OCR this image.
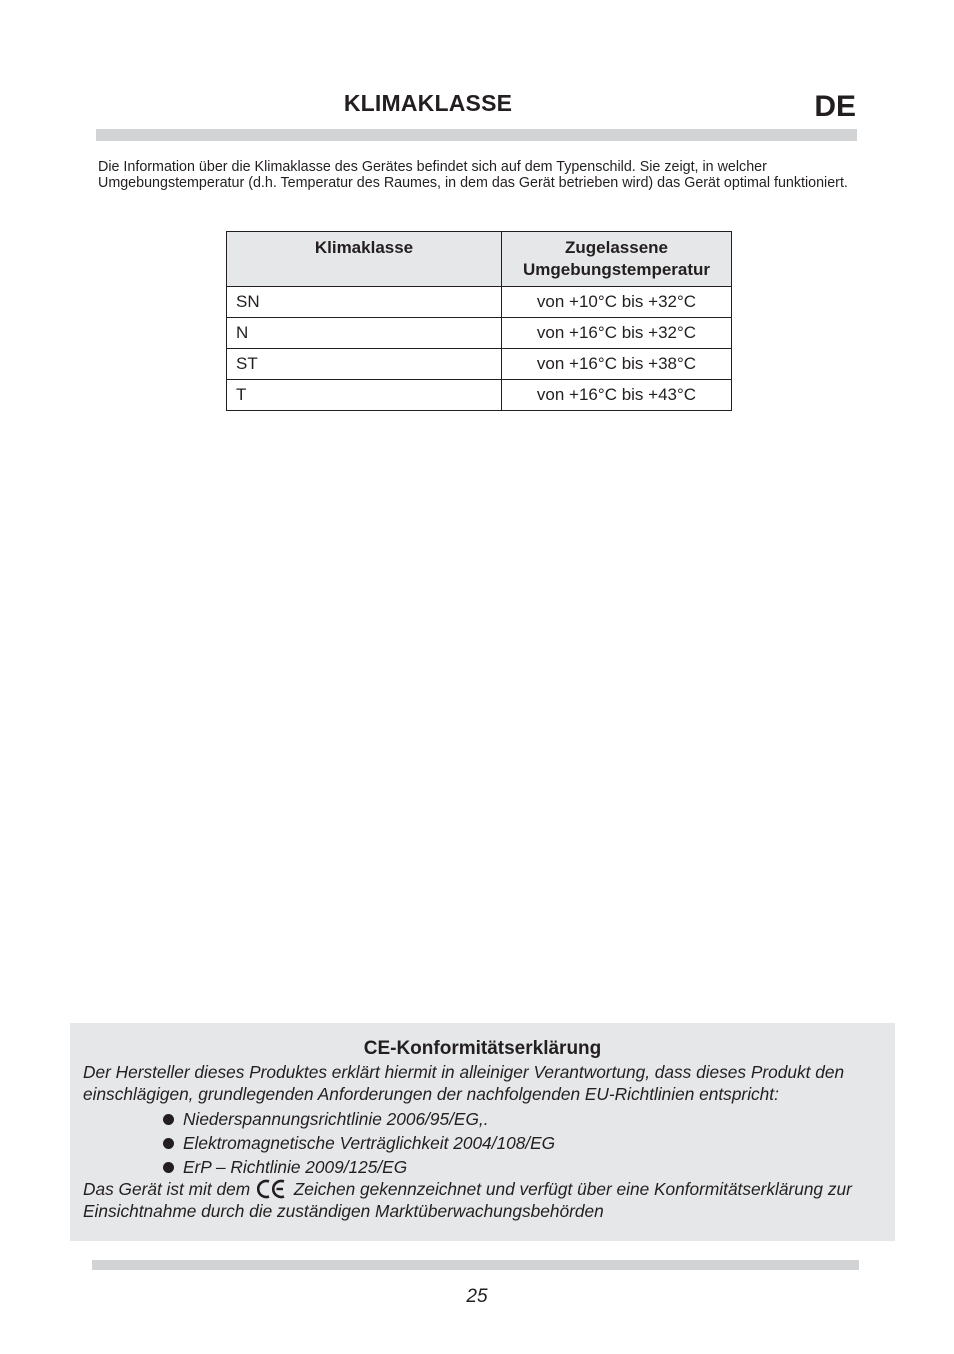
KLIMAKLASSE	DE
Die Information über die Klimaklasse des Gerätes befindet sich auf dem Typenschild. Sie zeigt, in welcher Umgebungstemperatur (d.h. Temperatur des Raumes, in dem das Gerät betrieben wird) das Gerät optimal funktioniert.
Klimaklasse	Zugelassene
Umgebungstemperatur
SN	von +10°C bis +32°C
N	von +16°C bis +32°C
ST	von +16°C bis +38°C
T	von +16°C bis +43°C
CE-Konformitätserklärung
Der Hersteller dieses Produktes erklärt hiermit in alleiniger Verantwortung, dass dieses Produkt den einschlägigen, grundlegenden Anforderungen der nachfolgenden EU-Richtlinien entspricht:
Niederspannungsrichtlinie 2006/95/EG,.
Elektromagnetische Verträglichkeit 2004/108/EG
ErP – Richtlinie 2009/125/EG
Das Gerät ist mit dem	Zeichen gekennzeichnet und verfügt über eine Konformitätserklärung zur Einsichtnahme durch die zuständigen Marktüberwachungsbehörden
25
